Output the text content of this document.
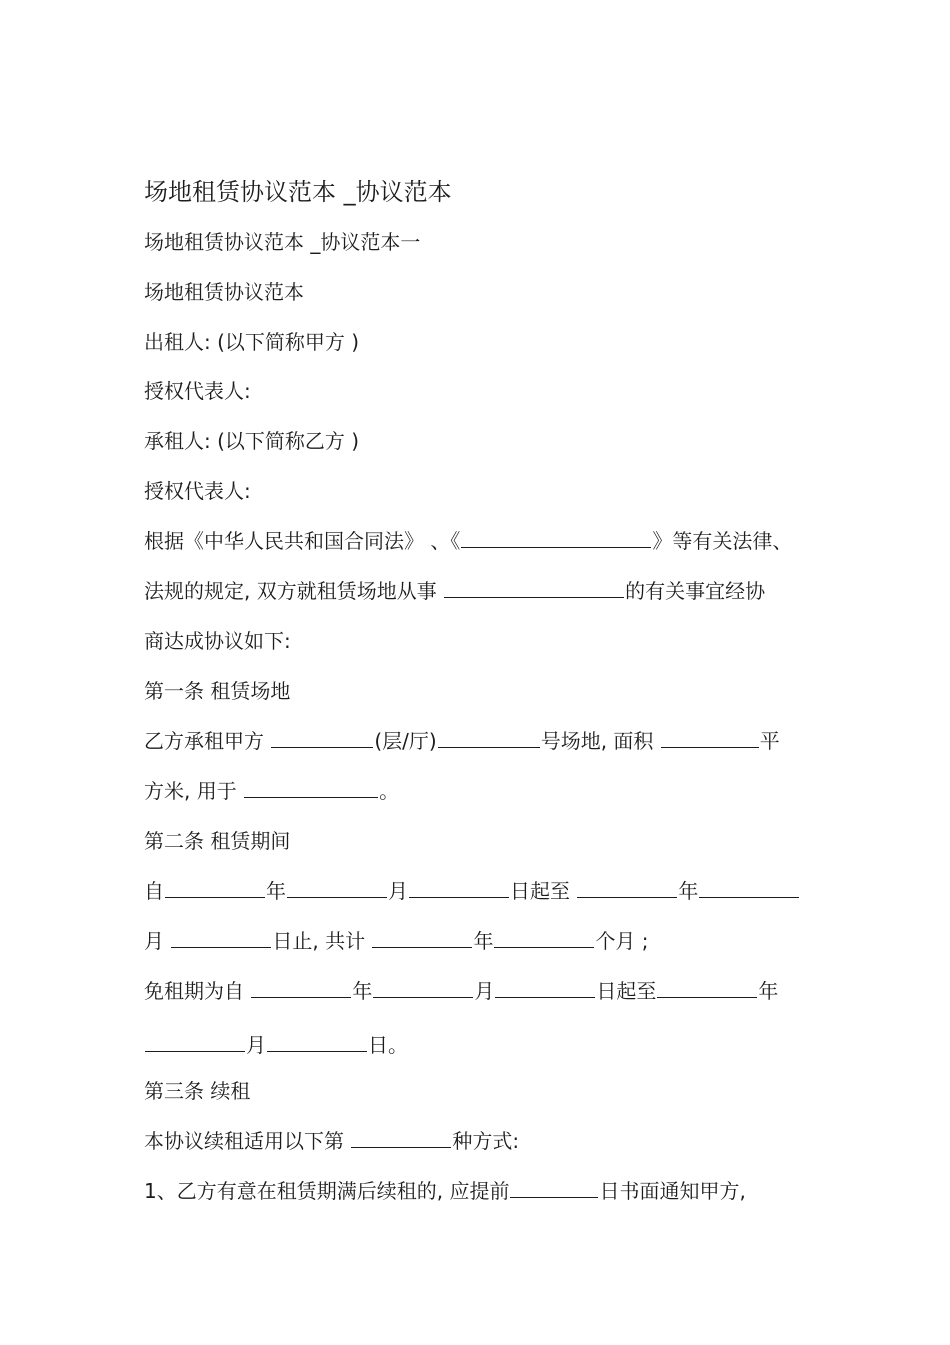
场地租赁协议范本 _协议范本
场地租赁协议范本 _协议范本一
场地租赁协议范本
出租人: (以下简称甲方 )
授权代表人:
承租人: (以下简称乙方 )
授权代表人:
根据《中华人民共和国合同法》 、《	》等有关法律、
法规的规定, 双方就租赁场地从事	的有关事宜经协
商达成协议如下:
第一条 租赁场地
乙方承租甲方	(层/厅)	号场地, 面积	平
方米, 用于	。
第二条 租赁期间
自	年	月	日起至	年
月	日止, 共计	年	个月 ;
免租期为自	年	月	日起至	年
月	日。
第三条 续租
本协议续租适用以下第	种方式:
1、乙方有意在租赁期满后续租的, 应提前	日书面通知甲方,
